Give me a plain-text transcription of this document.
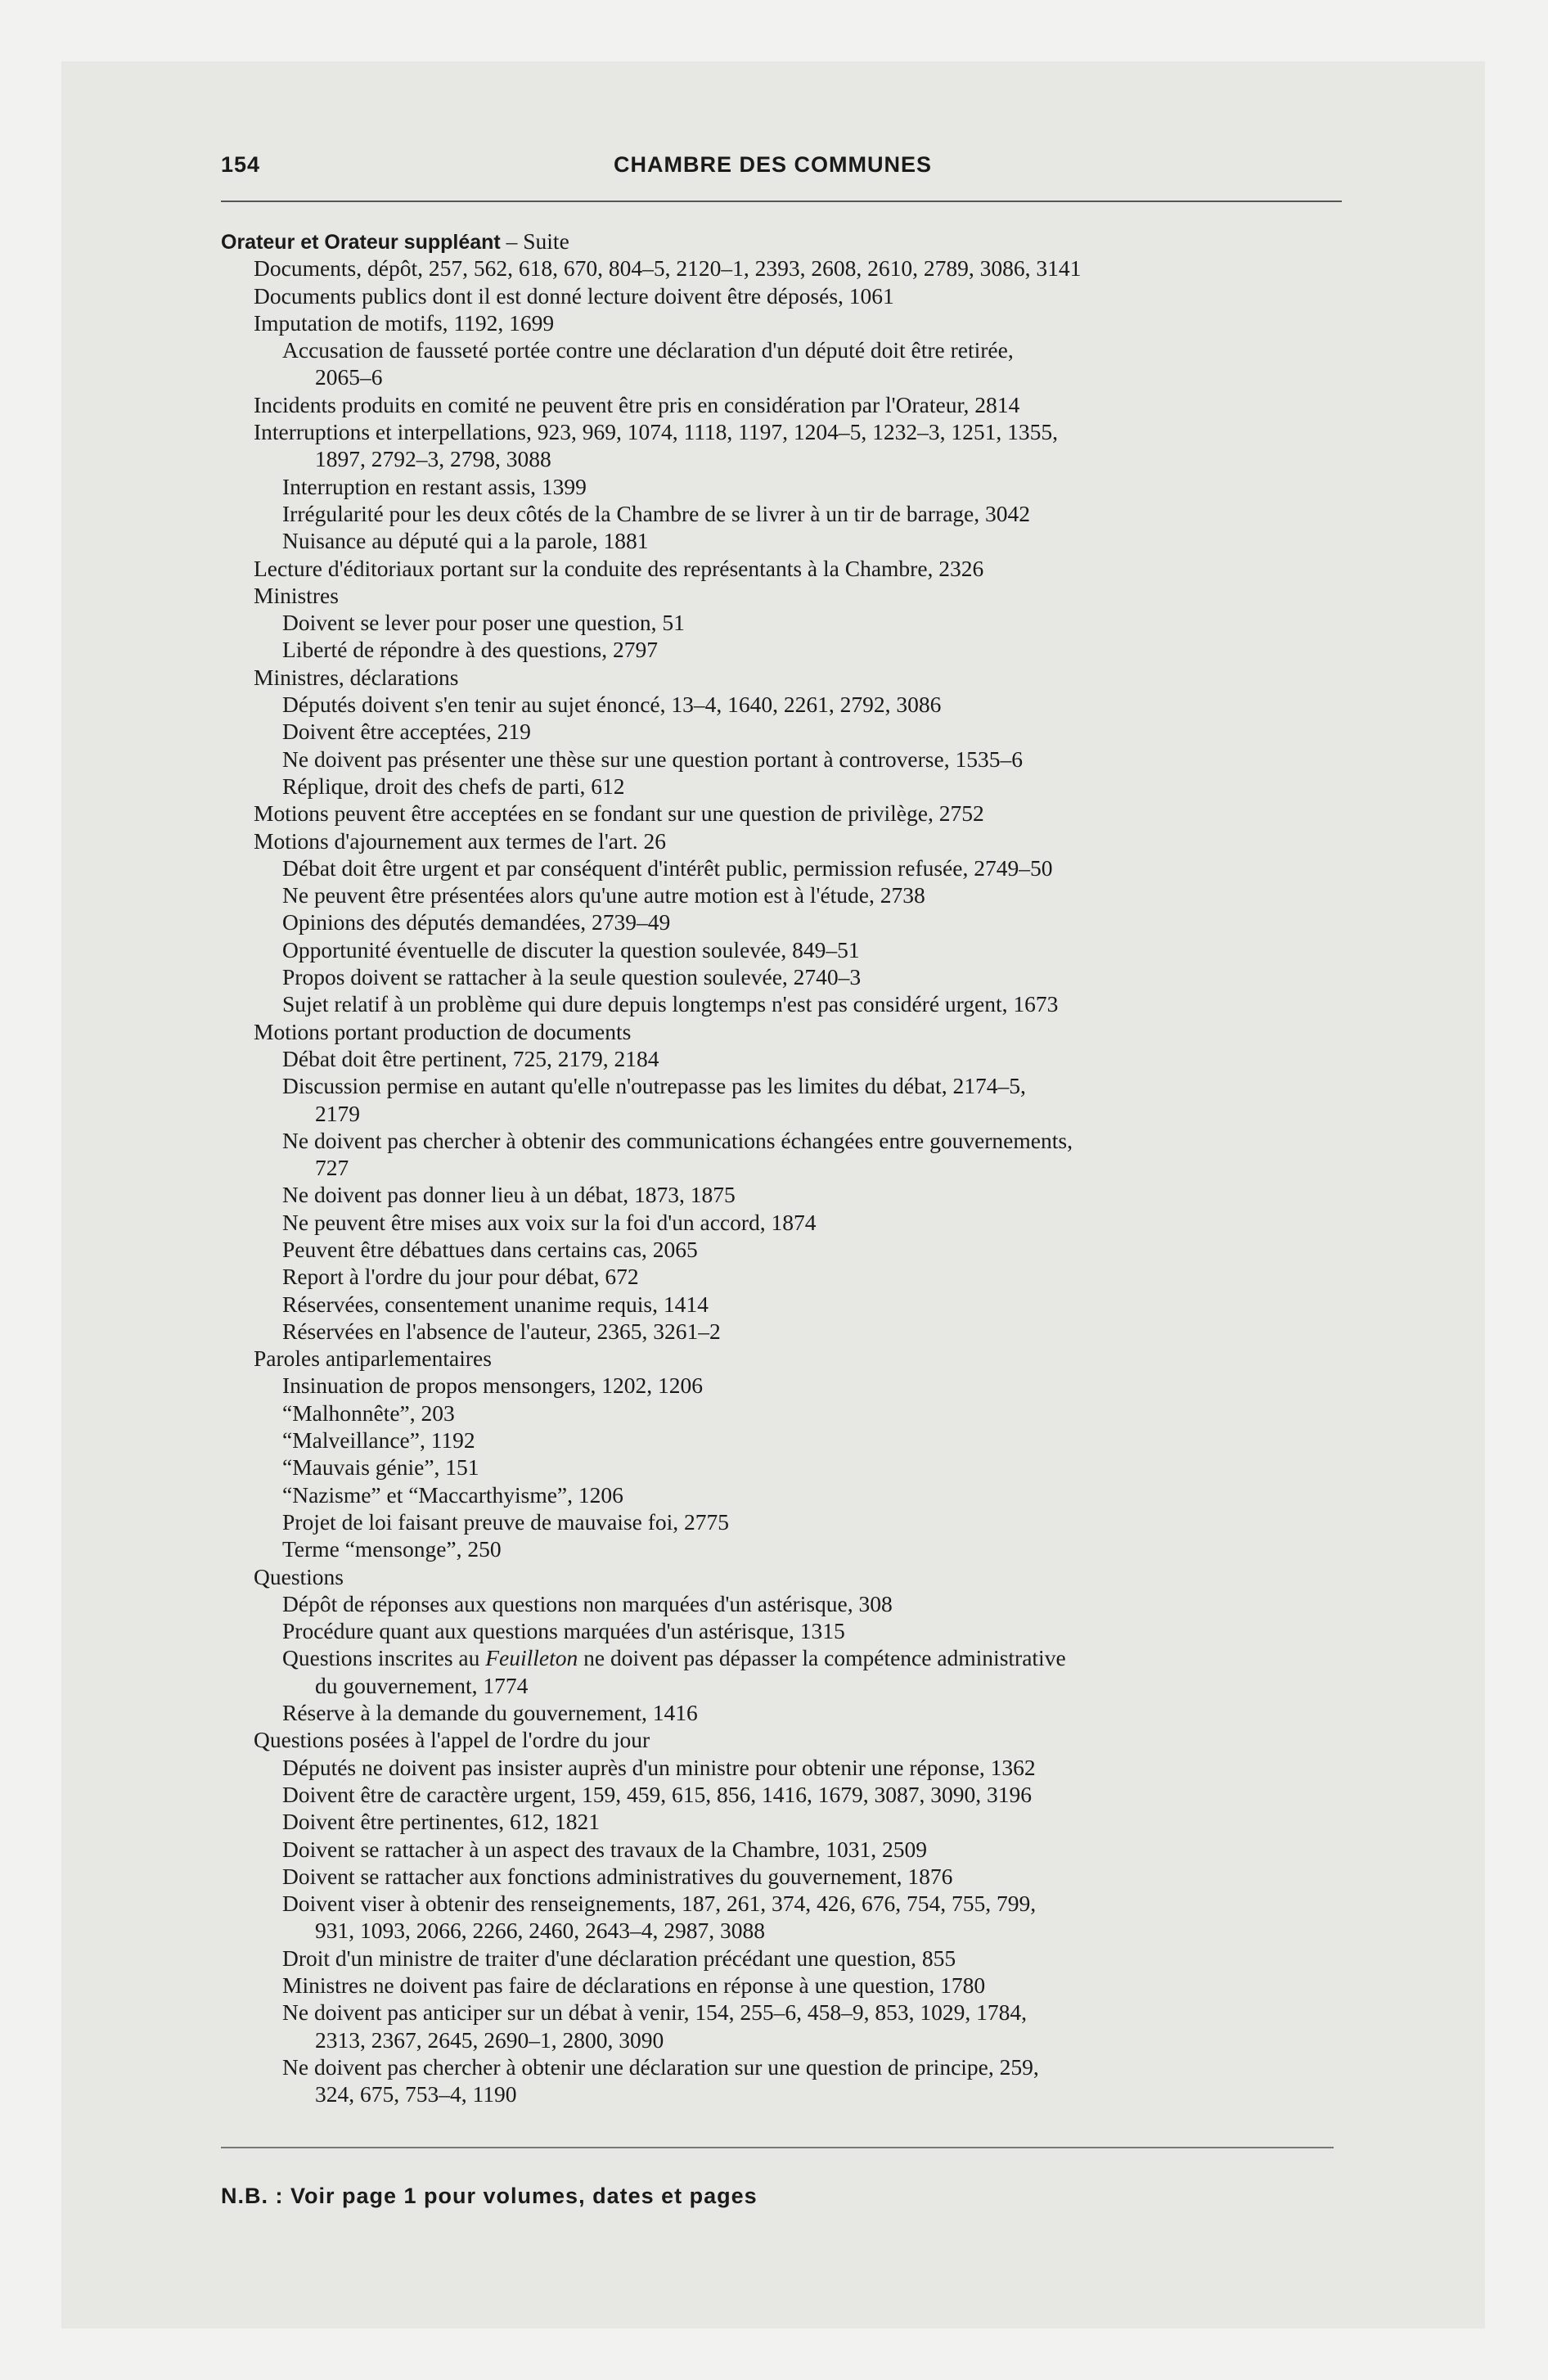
154	CHAMBRE DES COMMUNES
Orateur et Orateur suppléant – Suite
Documents, dépôt, 257, 562, 618, 670, 804–5, 2120–1, 2393, 2608, 2610, 2789, 3086, 3141
Documents publics dont il est donné lecture doivent être déposés, 1061
Imputation de motifs, 1192, 1699
Accusation de fausseté portée contre une déclaration d'un député doit être retirée,
2065–6
Incidents produits en comité ne peuvent être pris en considération par l'Orateur, 2814
Interruptions et interpellations, 923, 969, 1074, 1118, 1197, 1204–5, 1232–3, 1251, 1355,
1897, 2792–3, 2798, 3088
Interruption en restant assis, 1399
Irrégularité pour les deux côtés de la Chambre de se livrer à un tir de barrage, 3042
Nuisance au député qui a la parole, 1881
Lecture d'éditoriaux portant sur la conduite des représentants à la Chambre, 2326
Ministres
Doivent se lever pour poser une question, 51
Liberté de répondre à des questions, 2797
Ministres, déclarations
Députés doivent s'en tenir au sujet énoncé, 13–4, 1640, 2261, 2792, 3086
Doivent être acceptées, 219
Ne doivent pas présenter une thèse sur une question portant à controverse, 1535–6
Réplique, droit des chefs de parti, 612
Motions peuvent être acceptées en se fondant sur une question de privilège, 2752
Motions d'ajournement aux termes de l'art. 26
Débat doit être urgent et par conséquent d'intérêt public, permission refusée, 2749–50
Ne peuvent être présentées alors qu'une autre motion est à l'étude, 2738
Opinions des députés demandées, 2739–49
Opportunité éventuelle de discuter la question soulevée, 849–51
Propos doivent se rattacher à la seule question soulevée, 2740–3
Sujet relatif à un problème qui dure depuis longtemps n'est pas considéré urgent, 1673
Motions portant production de documents
Débat doit être pertinent, 725, 2179, 2184
Discussion permise en autant qu'elle n'outrepasse pas les limites du débat, 2174–5,
2179
Ne doivent pas chercher à obtenir des communications échangées entre gouvernements,
727
Ne doivent pas donner lieu à un débat, 1873, 1875
Ne peuvent être mises aux voix sur la foi d'un accord, 1874
Peuvent être débattues dans certains cas, 2065
Report à l'ordre du jour pour débat, 672
Réservées, consentement unanime requis, 1414
Réservées en l'absence de l'auteur, 2365, 3261–2
Paroles antiparlementaires
Insinuation de propos mensongers, 1202, 1206
“Malhonnête”, 203
“Malveillance”, 1192
“Mauvais génie”, 151
“Nazisme” et “Maccarthyisme”, 1206
Projet de loi faisant preuve de mauvaise foi, 2775
Terme “mensonge”, 250
Questions
Dépôt de réponses aux questions non marquées d'un astérisque, 308
Procédure quant aux questions marquées d'un astérisque, 1315
Questions inscrites au Feuilleton ne doivent pas dépasser la compétence administrative
du gouvernement, 1774
Réserve à la demande du gouvernement, 1416
Questions posées à l'appel de l'ordre du jour
Députés ne doivent pas insister auprès d'un ministre pour obtenir une réponse, 1362
Doivent être de caractère urgent, 159, 459, 615, 856, 1416, 1679, 3087, 3090, 3196
Doivent être pertinentes, 612, 1821
Doivent se rattacher à un aspect des travaux de la Chambre, 1031, 2509
Doivent se rattacher aux fonctions administratives du gouvernement, 1876
Doivent viser à obtenir des renseignements, 187, 261, 374, 426, 676, 754, 755, 799,
931, 1093, 2066, 2266, 2460, 2643–4, 2987, 3088
Droit d'un ministre de traiter d'une déclaration précédant une question, 855
Ministres ne doivent pas faire de déclarations en réponse à une question, 1780
Ne doivent pas anticiper sur un débat à venir, 154, 255–6, 458–9, 853, 1029, 1784,
2313, 2367, 2645, 2690–1, 2800, 3090
Ne doivent pas chercher à obtenir une déclaration sur une question de principe, 259,
324, 675, 753–4, 1190
N.B. : Voir page 1 pour volumes, dates et pages
